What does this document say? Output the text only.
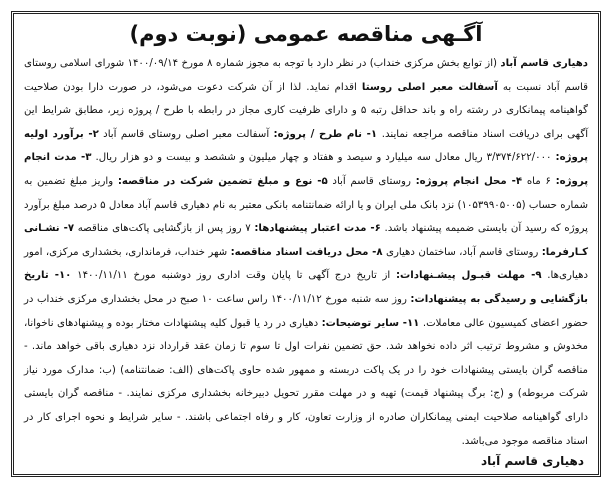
آگـهی مناقصه عمومی (نوبت دوم)
دهیاری قاسم آباد (از توابع بخش مرکزی خنداب) در نظر دارد با توجه به مجوز شماره ۸ مورخ ۱۴۰۰/۰۹/۱۴ شورای اسلامی روستای قاسم آباد نسبت به آسفالت معبر اصلی روستا اقدام نماید. لذا از آن شرکت دعوت می‌شود، در صورت دارا بودن صلاحیت گواهینامه پیمانکاری در رشته راه و باند حداقل رتبه ۵ و دارای ظرفیت کاری مجاز در رابطه با طرح / پروژه زیر، مطابق شرایط این آگهی برای دریافت اسناد مناقصه مراجعه نمایند. ۱- نام طرح / پروژه: آسفالت معبر اصلی روستای قاسم آباد ۲- برآورد اولیه پروژه: ۳/۳۷۴/۶۲۲/۰۰۰ ریال معادل سه میلیارد و سیصد و هفتاد و چهار میلیون و ششصد و بیست و دو هزار ریال. ۳- مدت انجام پروژه: ۶ ماه ۴- محل انجام پروژه: روستای قاسم آباد ۵- نوع و مبلغ تضمین شرکت در مناقصه: واریز مبلغ تضمین به شماره حساب (۱۰۵۳۹۹۰۵۰۰۵) نزد بانک ملی ایران و یا ارائه ضمانتنامه بانکی معتبر به نام دهیاری قاسم آباد معادل ۵ درصد مبلغ برآورد پروژه که رسید آن بایستی ضمیمه پیشنهاد باشد. ۶- مدت اعتبار پیشنهادها: ۷ روز پس از بازگشایی پاکت‌های مناقصه ۷- نشـانی کـارفرما: روستای قاسم آباد، ساختمان دهیاری ۸- محل دریافت اسناد مناقصه: شهر خنداب، فرمانداری، بخشداری مرکزی، امور دهیاری‌ها. ۹- مهلت قبـول پیشـنهادات: از تاریخ درج آگهی تا پایان وقت اداری روز دوشنبه مورخ ۱۴۰۰/۱۱/۱۱ ۱۰- تاریخ بازگشایی و رسیدگی به پیشنهادات: روز سه شنبه مورخ ۱۴۰۰/۱۱/۱۲ راس ساعت ۱۰ صبح در محل بخشداری مرکزی خنداب در حضور اعضای کمیسیون عالی معاملات. ۱۱- سایر توضیحات: دهیاری در رد یا قبول کلیه پیشنهادات مختار بوده و پیشنهادهای ناخوانا، مخدوش و مشروط ترتیب اثر داده نخواهد شد. حق تضمین نفرات اول تا سوم تا زمان عقد قرارداد نزد دهیاری باقی خواهد ماند. - مناقصه گران بایستی پیشنهادات خود را در یک پاکت دربسته و ممهور شده حاوی پاکت‌های (الف: ضمانتنامه) (ب: مدارک مورد نیاز شرکت مربوطه) و (ج: برگ پیشنهاد قیمت) تهیه و در مهلت مقرر تحویل دبیرخانه بخشداری مرکزی نمایند. - مناقصه گران بایستی دارای گواهینامه صلاحیت ایمنی پیمانکاران صادره از وزارت تعاون، کار و رفاه اجتماعی باشند. - سایر شرایط و نحوه اجرای کار در اسناد مناقصه موجود می‌باشد.
دهیاری قاسم آباد
